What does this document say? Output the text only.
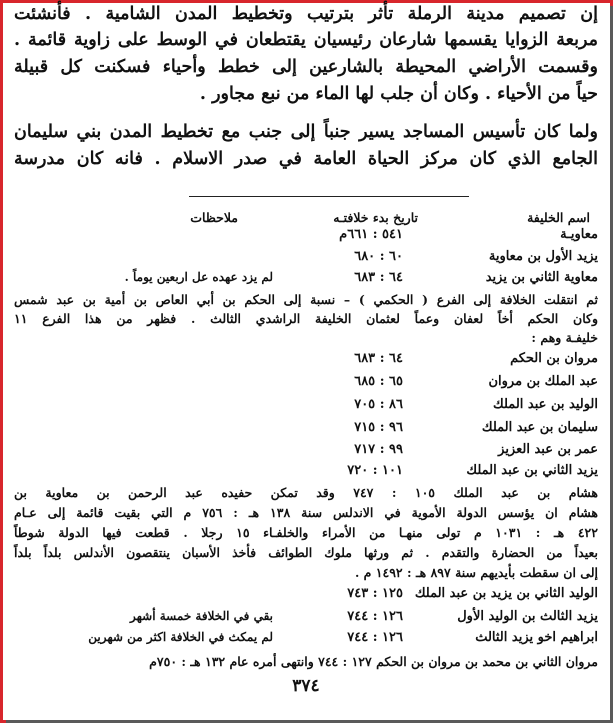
إن تصميم مدينة الرملة تأثر بترتيب وتخطيط المدن الشامية . فأنشئت
مربعة الزوايا يقسمها شارعان رئيسيان يقتطعان في الوسط على زاوية قائمة .
وقسمت الأراضي المحيطة بالشارعين إلى خطط وأحياء فسكنت كل قبيلة
حياً من الأحياء . وكان أن جلب لها الماء من نبع مجاور .
ولما كان تأسيس المساجد يسير جنباً إلى جنب مع تخطيط المدن بني سليمان
الجامع الذي كان مركز الحياة العامة في صدر الاسلام . فانه كان مدرسة
اسم الخليفة
تاريخ بدء خلافتـه
ملاحظات
معاويـة
٥٤١ : ٦٦١م
يزيد الأول بن معاوية
٦٠ : ٦٨٠
معاوية الثاني بن يزيد
٦٤ : ٦٨٣
لم يزد عهده عل اربعين يوماً .
ثم انتقلت الخلافة إلى الفرع ( الحكمي ) – نسبة إلى الحكم بن أبي العاص بن أمية بن عبد شمس
وكان الحكم أخاً لعفان وعماً لعثمان الخليفة الراشدي الثالث . فظهر من هذا الفرع ١١
خليفـة وهم :
مروان بن الحكم
٦٤ : ٦٨٣
عبد الملك بن مروان
٦٥ : ٦٨٥
الوليد بن عبد الملك
٨٦ : ٧٠٥
سليمان بن عبد الملك
٩٦ : ٧١٥
عمر بن عبد العزيز
٩٩ : ٧١٧
يزيد الثاني بن عبد الملك
١٠١ : ٧٢٠
هشام بن عبد الملك ١٠٥ : ٧٤٧ وقد تمكن حفيده عبد الرحمن بن معاوية بن
هشام ان يؤسس الدولة الأموية في الاندلس سنة ١٣٨ هـ : ٧٥٦ م التي بقيت قائمة إلى عـام
٤٢٢ هـ : ١٠٣١ م تولى منهـا من الأمراء والخلفـاء ١٥ رجلا . قطعت فيها الدولة شوطاً
بعيداً من الحضارة والتقدم . ثم ورثها ملوك الطوائف فأخذ الأسبان ينتقصون الأندلس بلداً بلداً
إلى ان سقطت بأيديهم سنة ٨٩٧ هـ : ١٤٩٢ م .
الوليد الثاني بن يزيد بن عبد الملك
١٢٥ : ٧٤٣
يزيد الثالث بن الوليد الأول
١٢٦ : ٧٤٤
بقي في الخلافة خمسة أشهر
ابراهيم اخو يزيد الثالث
١٢٦ : ٧٤٤
لم يمكث في الخلافة اكثر من شهرين
مروان الثاني بن محمد بن مروان بن الحكم ١٢٧ : ٧٤٤ وانتهى أمره عام ١٣٢ هـ : ٧٥٠م
٣٧٤
